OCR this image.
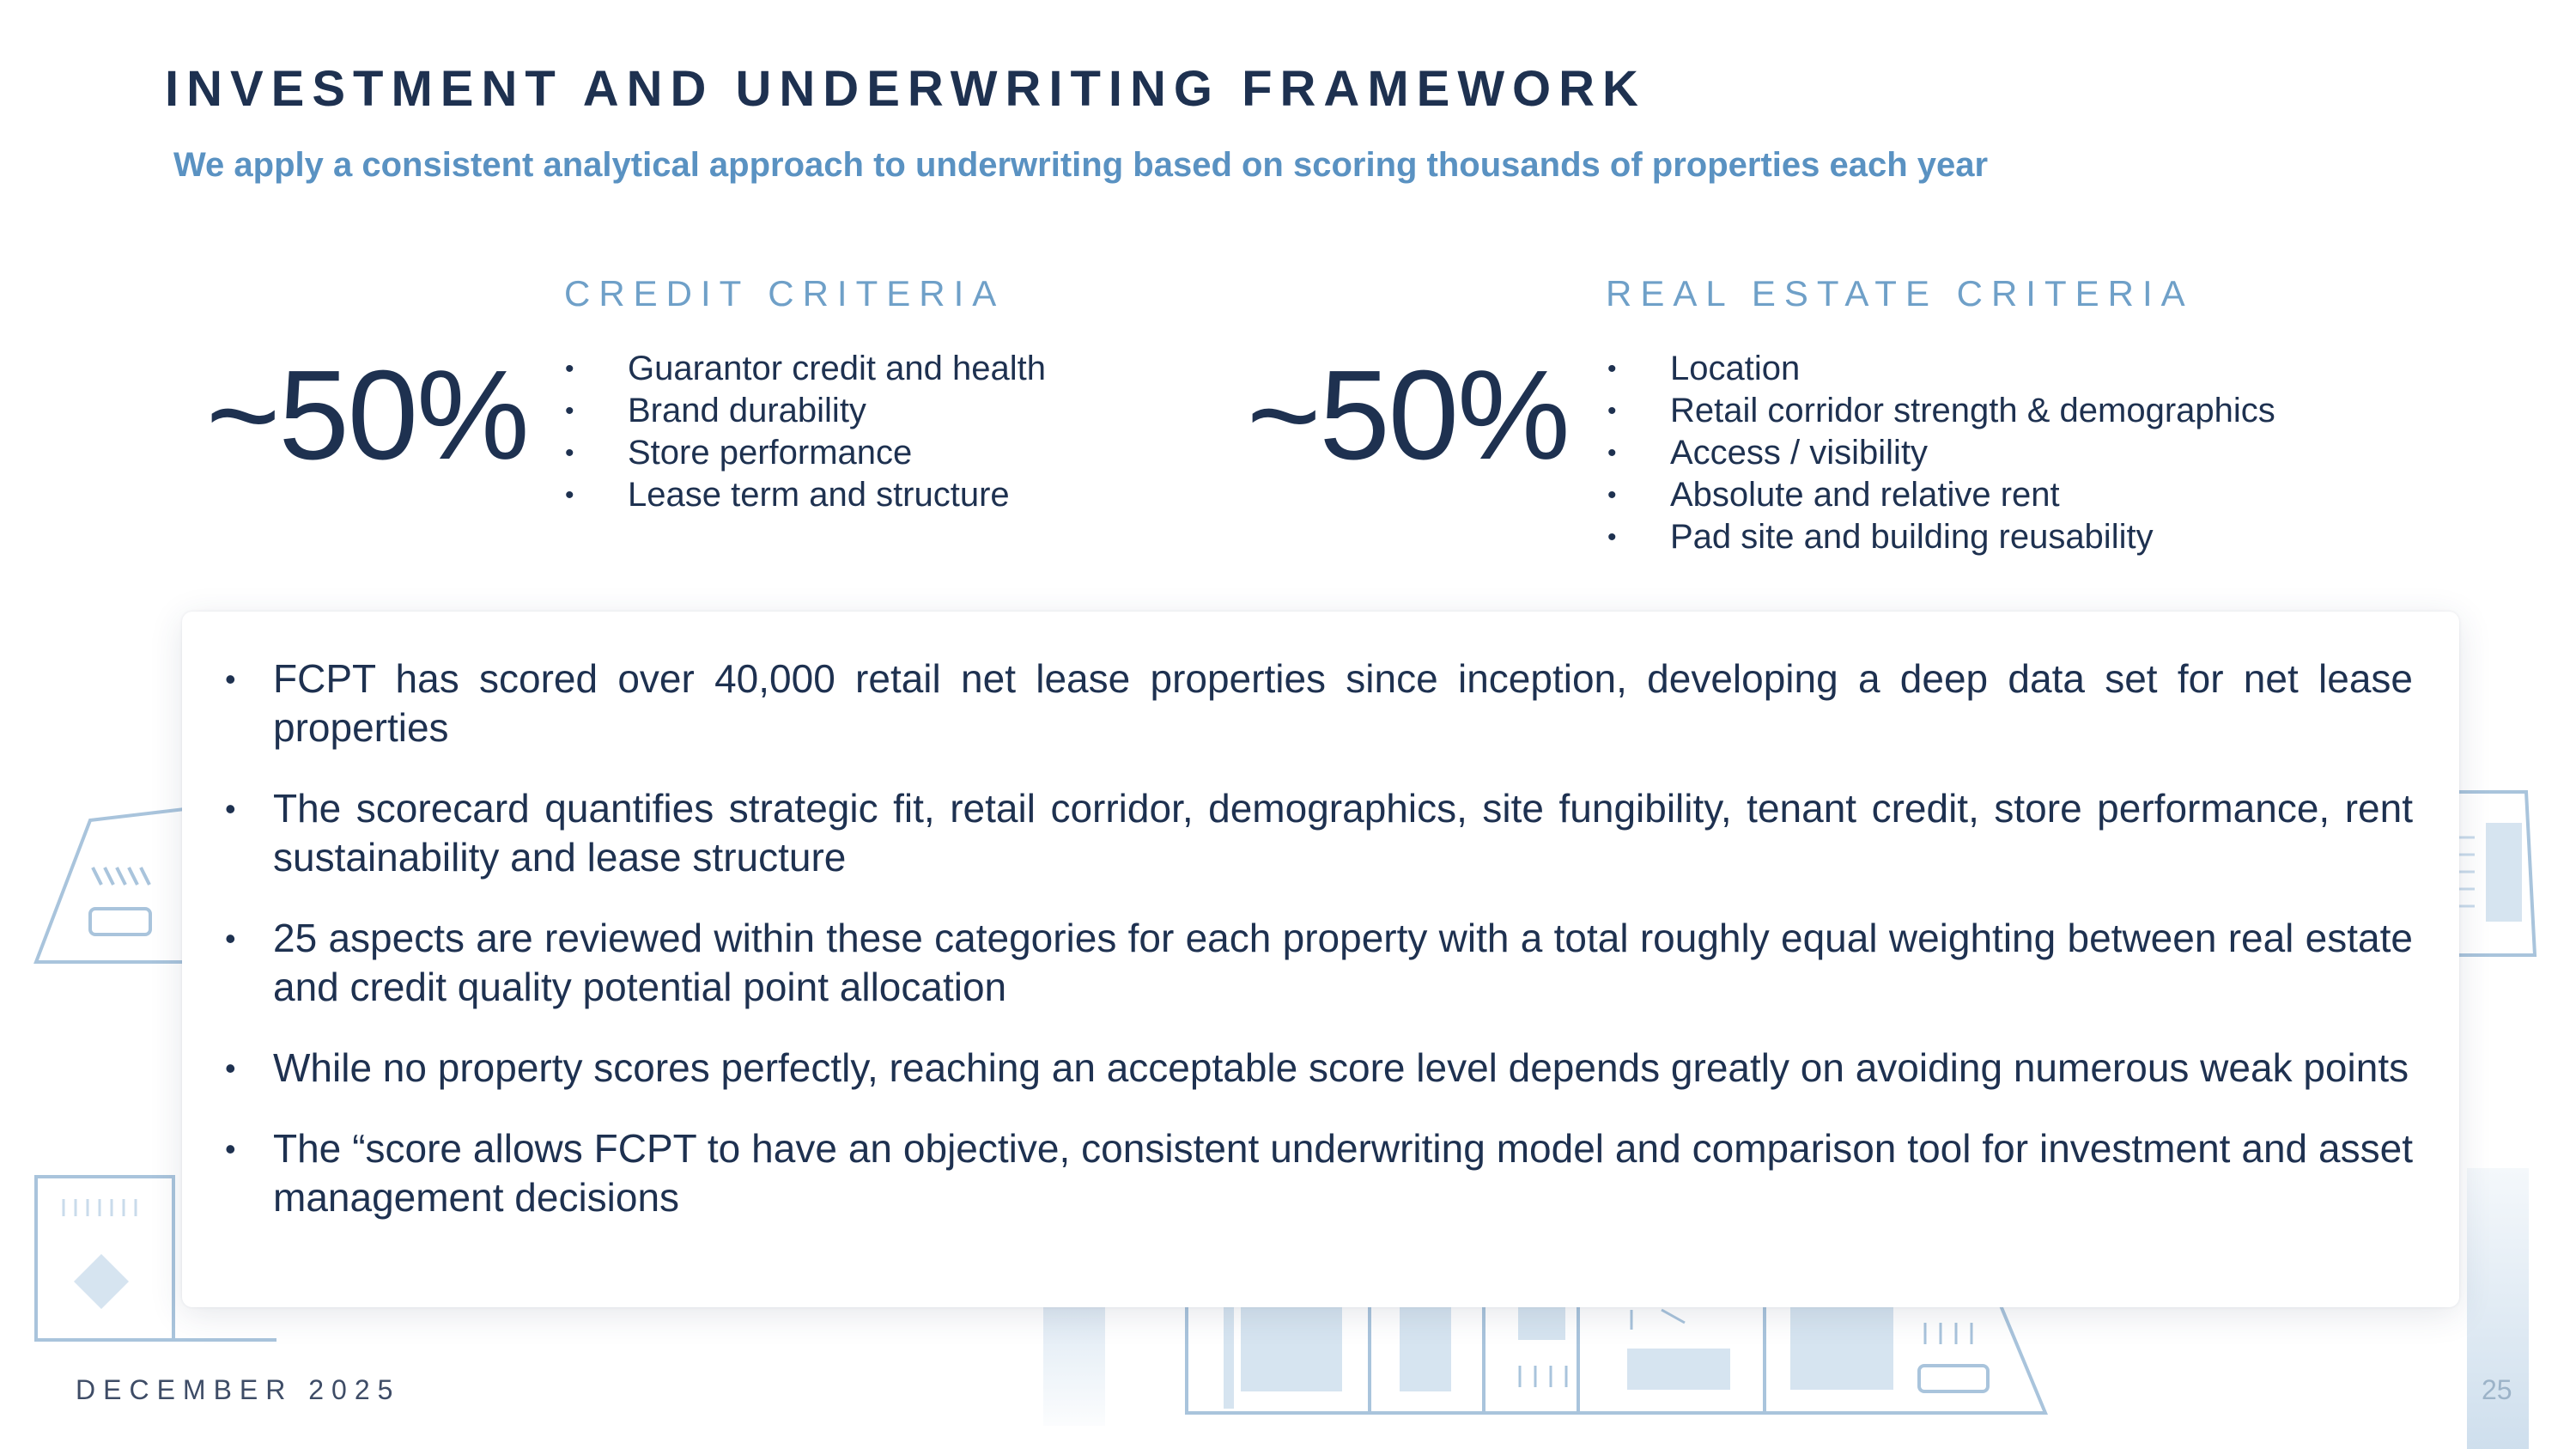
INVESTMENT AND UNDERWRITING FRAMEWORK
We apply a consistent analytical approach to underwriting based on scoring thousands of properties each year
CREDIT CRITERIA
~50%	• Guarantor credit and health
• Brand durability
• Store performance
• Lease term and structure
REAL ESTATE CRITERIA
~50%	• Location
• Retail corridor strength & demographics
• Access / visibility
• Absolute and relative rent
• Pad site and building reusability
• FCPT has scored over 40,000 retail net lease properties since inception, developing a deep data set for net lease properties
• The scorecard quantifies strategic fit, retail corridor, demographics, site fungibility, tenant credit, store performance, rent sustainability and lease structure
• 25 aspects are reviewed within these categories for each property with a total roughly equal weighting between real estate and credit quality potential point allocation
• While no property scores perfectly, reaching an acceptable score level depends greatly on avoiding numerous weak points
• The “score allows FCPT to have an objective, consistent underwriting model and comparison tool for investment and asset management decisions
DECEMBER 2025	25
